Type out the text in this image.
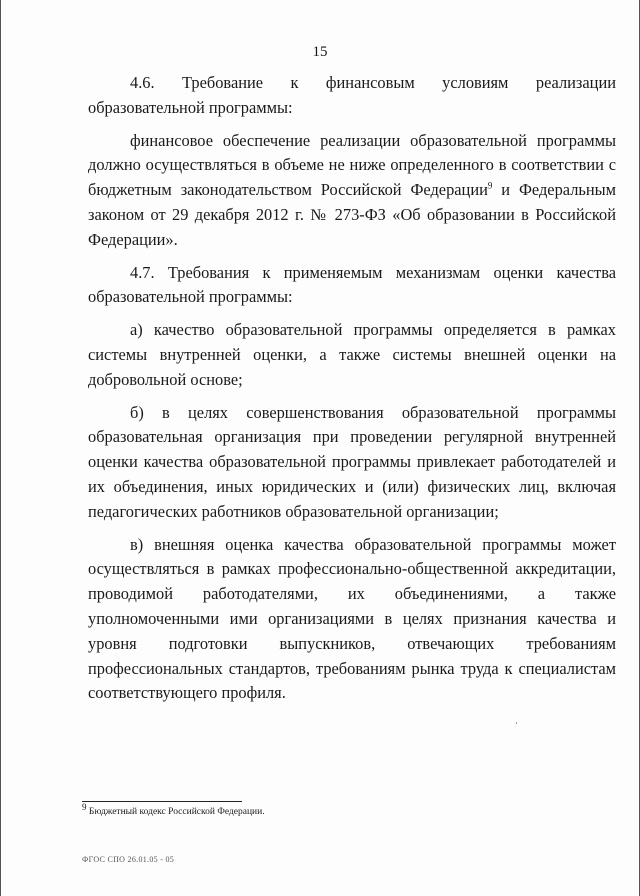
15

4.6. Требование к финансовым условиям реализации образовательной программы:

финансовое обеспечение реализации образовательной программы должно осуществляться в объеме не ниже определенного в соответствии с бюджетным законодательством Российской Федерации$^9$ и Федеральным законом от 29 декабря 2012 г. № 273-ФЗ «Об образовании в Российской Федерации».

4.7. Требования к применяемым механизмам оценки качества образовательной программы:

а) качество образовательной программы определяется в рамках системы внутренней оценки, а также системы внешней оценки на добровольной основе;

б) в целях совершенствования образовательной программы образовательная организация при проведении регулярной внутренней оценки качества образовательной программы привлекает работодателей и их объединения, иных юридических и (или) физических лиц, включая педагогических работников образовательной организации;

в) внешняя оценка качества образовательной программы может осуществляться в рамках профессионально-общественной аккредитации, проводимой работодателями, их объединениями, а также уполномоченными ими организациями в целях признания качества и уровня подготовки выпускников, отвечающих требованиям профессиональных стандартов, требованиям рынка труда к специалистам соответствующего профиля.

$^9$ Бюджетный кодекс Российской Федерации.
ФГОС СПО 26.01.05 - 05
